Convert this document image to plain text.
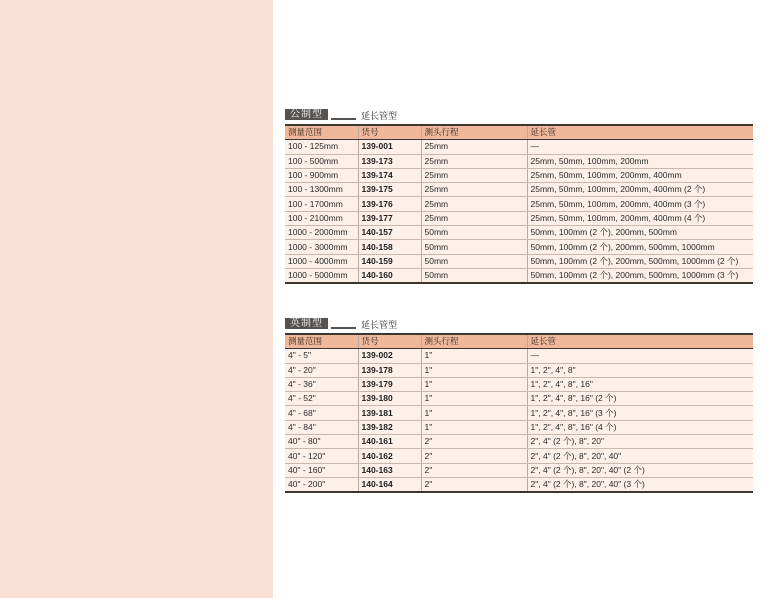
公制型	延长管型
测量范围	货号	测头行程	延长管
100 - 125mm	139-001	25mm	—
100 - 500mm	139-173	25mm	25mm, 50mm, 100mm, 200mm
100 - 900mm	139-174	25mm	25mm, 50mm, 100mm, 200mm, 400mm
100 - 1300mm	139-175	25mm	25mm, 50mm, 100mm, 200mm, 400mm (2 个)
100 - 1700mm	139-176	25mm	25mm, 50mm, 100mm, 200mm, 400mm (3 个)
100 - 2100mm	139-177	25mm	25mm, 50mm, 100mm, 200mm, 400mm (4 个)
1000 - 2000mm	140-157	50mm	50mm, 100mm (2 个), 200mm, 500mm
1000 - 3000mm	140-158	50mm	50mm, 100mm (2 个), 200mm, 500mm, 1000mm
1000 - 4000mm	140-159	50mm	50mm, 100mm (2 个), 200mm, 500mm, 1000mm (2 个)
1000 - 5000mm	140-160	50mm	50mm, 100mm (2 个), 200mm, 500mm, 1000mm (3 个)
英制型	延长管型
测量范围	货号	测头行程	延长管
4" - 5"	139-002	1"	—
4" - 20"	139-178	1"	1", 2", 4", 8"
4" - 36"	139-179	1"	1", 2", 4", 8", 16"
4" - 52"	139-180	1"	1", 2", 4", 8", 16" (2 个)
4" - 68"	139-181	1"	1", 2", 4", 8", 16" (3 个)
4" - 84"	139-182	1"	1", 2", 4", 8", 16" (4 个)
40" - 80"	140-161	2"	2", 4" (2 个), 8", 20"
40" - 120"	140-162	2"	2", 4" (2 个), 8", 20", 40"
40" - 160"	140-163	2"	2", 4" (2 个), 8", 20", 40" (2 个)
40" - 200"	140-164	2"	2", 4" (2 个), 8", 20", 40" (3 个)
